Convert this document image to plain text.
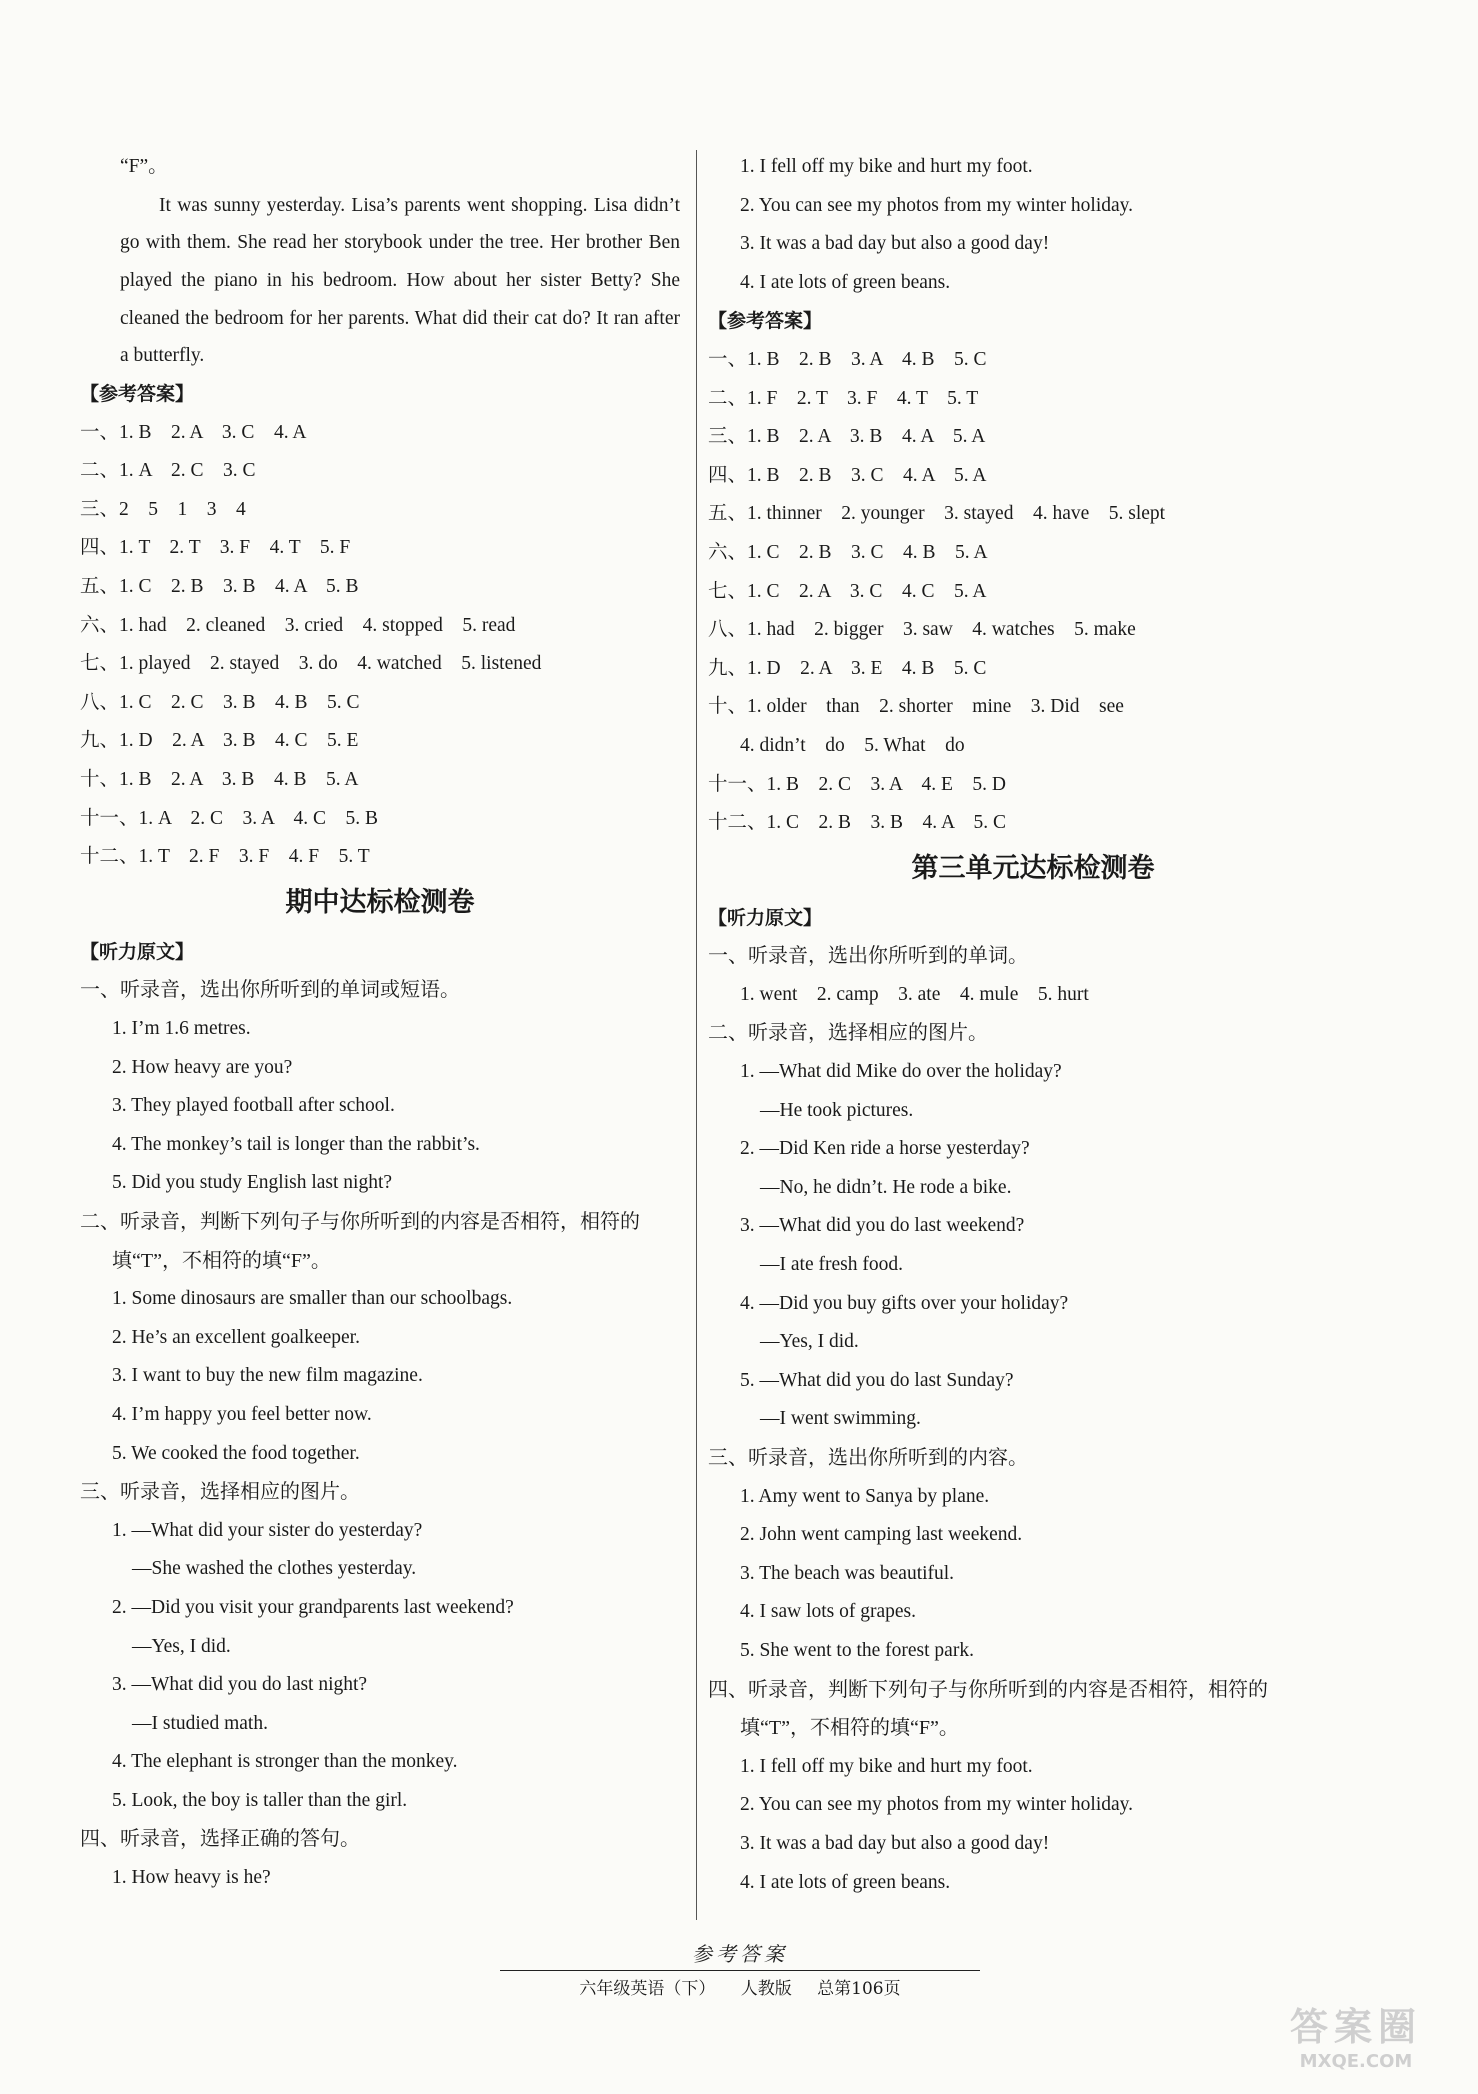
“F”。
It was sunny yesterday. Lisa’s parents went shopping. Lisa didn’t go with them. She read her storybook under the tree. Her brother Ben played the piano in his bedroom. How about her sister Betty? She cleaned the bedroom for her parents. What did their cat do? It ran after a butterfly.
【参考答案】
一、1. B　2. A　3. C　4. A
二、1. A　2. C　3. C
三、2　5　1　3　4
四、1. T　2. T　3. F　4. T　5. F
五、1. C　2. B　3. B　4. A　5. B
六、1. had　2. cleaned　3. cried　4. stopped　5. read
七、1. played　2. stayed　3. do　4. watched　5. listened
八、1. C　2. C　3. B　4. B　5. C
九、1. D　2. A　3. B　4. C　5. E
十、1. B　2. A　3. B　4. B　5. A
十一、1. A　2. C　3. A　4. C　5. B
十二、1. T　2. F　3. F　4. F　5. T
期中达标检测卷
【听力原文】
一、听录音，选出你所听到的单词或短语。
1. I’m 1.6 metres.
2. How heavy are you?
3. They played football after school.
4. The monkey’s tail is longer than the rabbit’s.
5. Did you study English last night?
二、听录音，判断下列句子与你所听到的内容是否相符，相符的
填“T”，不相符的填“F”。
1. Some dinosaurs are smaller than our schoolbags.
2. He’s an excellent goalkeeper.
3. I want to buy the new film magazine.
4. I’m happy you feel better now.
5. We cooked the food together.
三、听录音，选择相应的图片。
1. —What did your sister do yesterday?
—She washed the clothes yesterday.
2. —Did you visit your grandparents last weekend?
—Yes, I did.
3. —What did you do last night?
—I studied math.
4. The elephant is stronger than the monkey.
5. Look, the boy is taller than the girl.
四、听录音，选择正确的答句。
1. How heavy is he?
1. I fell off my bike and hurt my foot.
2. You can see my photos from my winter holiday.
3. It was a bad day but also a good day!
4. I ate lots of green beans.
【参考答案】
一、1. B　2. B　3. A　4. B　5. C
二、1. F　2. T　3. F　4. T　5. T
三、1. B　2. A　3. B　4. A　5. A
四、1. B　2. B　3. C　4. A　5. A
五、1. thinner　2. younger　3. stayed　4. have　5. slept
六、1. C　2. B　3. C　4. B　5. A
七、1. C　2. A　3. C　4. C　5. A
八、1. had　2. bigger　3. saw　4. watches　5. make
九、1. D　2. A　3. E　4. B　5. C
十、1. older　than　2. shorter　mine　3. Did　see
4. didn’t　do　5. What　do
十一、1. B　2. C　3. A　4. E　5. D
十二、1. C　2. B　3. B　4. A　5. C
第三单元达标检测卷
【听力原文】
一、听录音，选出你所听到的单词。
1. went　2. camp　3. ate　4. mule　5. hurt
二、听录音，选择相应的图片。
1. —What did Mike do over the holiday?
—He took pictures.
2. —Did Ken ride a horse yesterday?
—No, he didn’t. He rode a bike.
3. —What did you do last weekend?
—I ate fresh food.
4. —Did you buy gifts over your holiday?
—Yes, I did.
5. —What did you do last Sunday?
—I went swimming.
三、听录音，选出你所听到的内容。
1. Amy went to Sanya by plane.
2. John went camping last weekend.
3. The beach was beautiful.
4. I saw lots of grapes.
5. She went to the forest park.
四、听录音，判断下列句子与你所听到的内容是否相符，相符的
填“T”，不相符的填“F”。
1. I fell off my bike and hurt my foot.
2. You can see my photos from my winter holiday.
3. It was a bad day but also a good day!
4. I ate lots of green beans.
参考答案
六年级英语（下） 人教版 总第106页
答案圈
MXQE.COM
